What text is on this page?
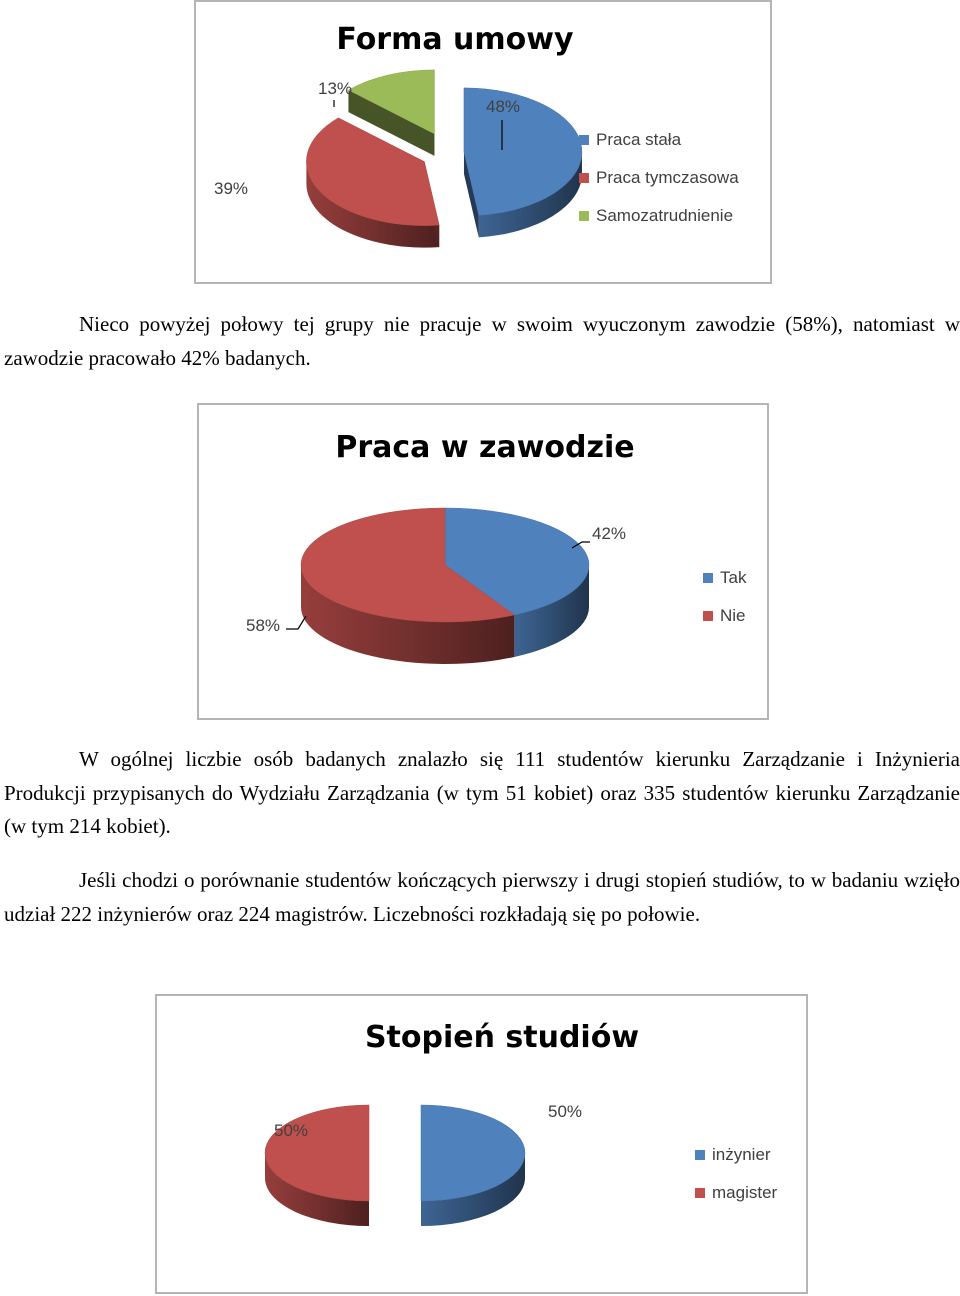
Forma umowy
48%
39%
13%
Praca stała
Praca tymczasowa
Samozatrudnienie

Nieco powyżej połowy tej grupy nie pracuje w swoim wyuczonym zawodzie (58%), natomiast w zawodzie pracowało 42% badanych.

Praca w zawodzie
42%
58%
Tak
Nie

W ogólnej liczbie osób badanych znalazło się 111 studentów kierunku Zarządzanie i Inżynieria Produkcji przypisanych do Wydziału Zarządzania (w tym 51 kobiet) oraz 335 studentów kierunku Zarządzanie (w tym 214 kobiet).

Jeśli chodzi o porównanie studentów kończących pierwszy i drugi stopień studiów, to w badaniu wzięło udział 222 inżynierów oraz 224 magistrów. Liczebności rozkładają się po połowie.

Stopień studiów
50%
50%
inżynier
magister
